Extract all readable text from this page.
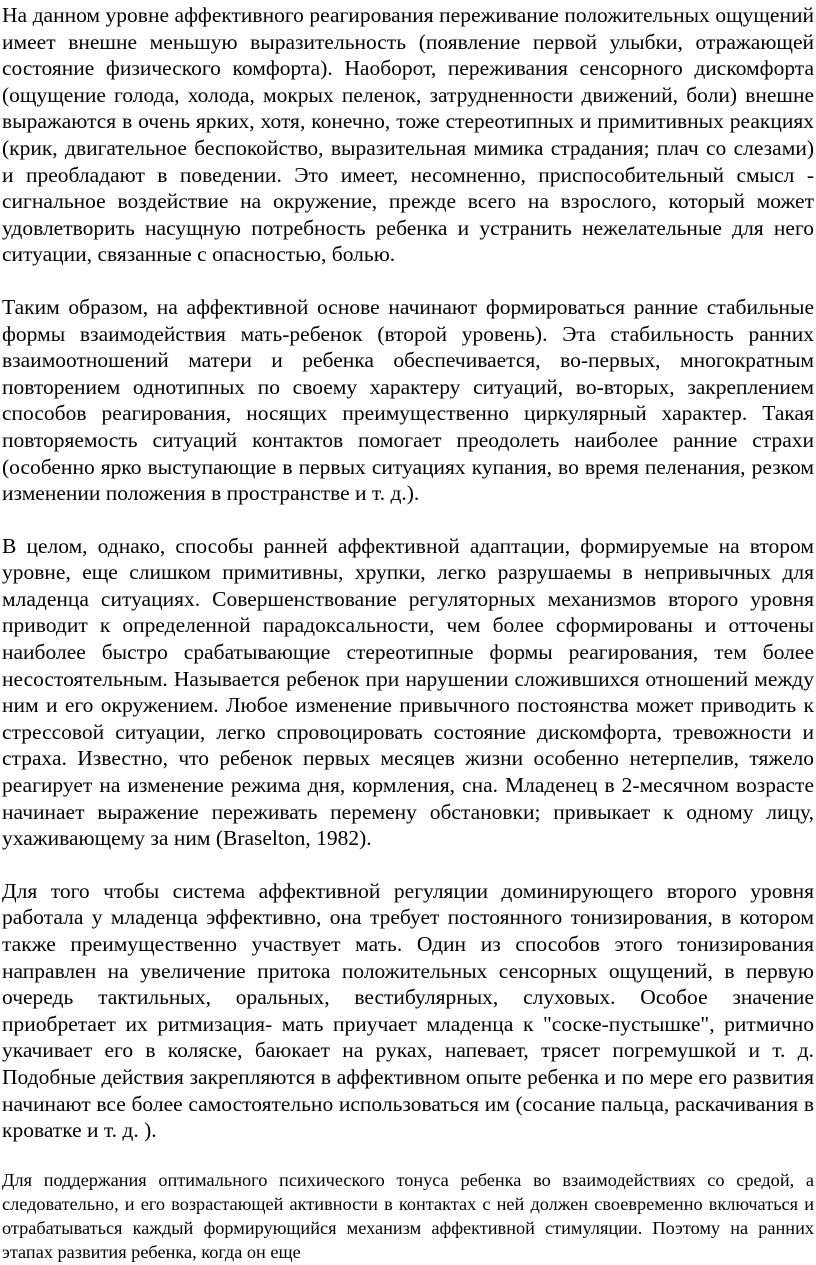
На данном уровне аффективного реагирования переживание положительных ощущений имеет внешне меньшую выразительность (появление первой улыбки, отражающей состояние физического комфорта). Наоборот, переживания сенсорного дискомфорта (ощущение голода, холода, мокрых пеленок, затрудненности движений, боли) внешне выражаются в очень ярких, хотя, конечно, тоже стереотипных и примитивных реакциях (крик, двигательное беспокойство, выразительная мимика страдания; плач со слезами) и преобладают в поведении. Это имеет, несомненно, приспособительный смысл - сигнальное воздействие на окружение, прежде всего на взрослого, который может удовлетворить насущную потребность ребенка и устранить нежелательные для него ситуации, связанные с опасностью, болью.

Таким образом, на аффективной основе начинают формироваться ранние стабильные формы взаимодействия мать-ребенок (второй уровень). Эта стабильность ранних взаимоотношений матери и ребенка обеспечивается, во-первых, многократным повторением однотипных по своему характеру ситуаций, во-вторых, закреплением способов реагирования, носящих преимущественно циркулярный характер. Такая повторяемость ситуаций контактов помогает преодолеть наиболее ранние страхи (особенно ярко выступающие в первых ситуациях купания, во время пеленания, резком изменении положения в пространстве и т. д.).

В целом, однако, способы ранней аффективной адаптации, формируемые на втором уровне, еще слишком примитивны, хрупки, легко разрушаемы в непривычных для младенца ситуациях. Совершенствование регуляторных механизмов второго уровня приводит к определенной парадоксальности, чем более сформированы и отточены наиболее быстро срабатывающие стереотипные формы реагирования, тем более несостоятельным. Называется ребенок при нарушении сложившихся отношений между ним и его окружением. Любое изменение привычного постоянства может приводить к стрессовой ситуации, легко спровоцировать состояние дискомфорта, тревожности и страха. Известно, что ребенок первых месяцев жизни особенно нетерпелив, тяжело реагирует на изменение режима дня, кормления, сна. Младенец в 2-месячном возрасте начинает выражение переживать перемену обстановки; привыкает к одному лицу, ухаживающему за ним (Braselton, 1982).

Для того чтобы система аффективной регуляции доминирующего второго уровня работала у младенца эффективно, она требует постоянного тонизирования, в котором также преимущественно участвует мать. Один из способов этого тонизирования направлен на увеличение притока положительных сенсорных ощущений, в первую очередь тактильных, оральных, вестибулярных, слуховых. Особое значение приобретает их ритмизация- мать приучает младенца к "соске-пустышке", ритмично укачивает его в коляске, баюкает на руках, напевает, трясет погремушкой и т. д. Подобные действия закрепляются в аффективном опыте ребенка и по мере его развития начинают все более самостоятельно использоваться им (сосание пальца, раскачивания в кроватке и т. д. ).

Для поддержания оптимального психического тонуса ребенка во взаимодействиях со средой, а следовательно, и его возрастающей активности в контактах с ней должен своевременно включаться и отрабатываться каждый формирующийся механизм аффективной стимуляции. Поэтому на ранних этапах развития ребенка, когда он еще
